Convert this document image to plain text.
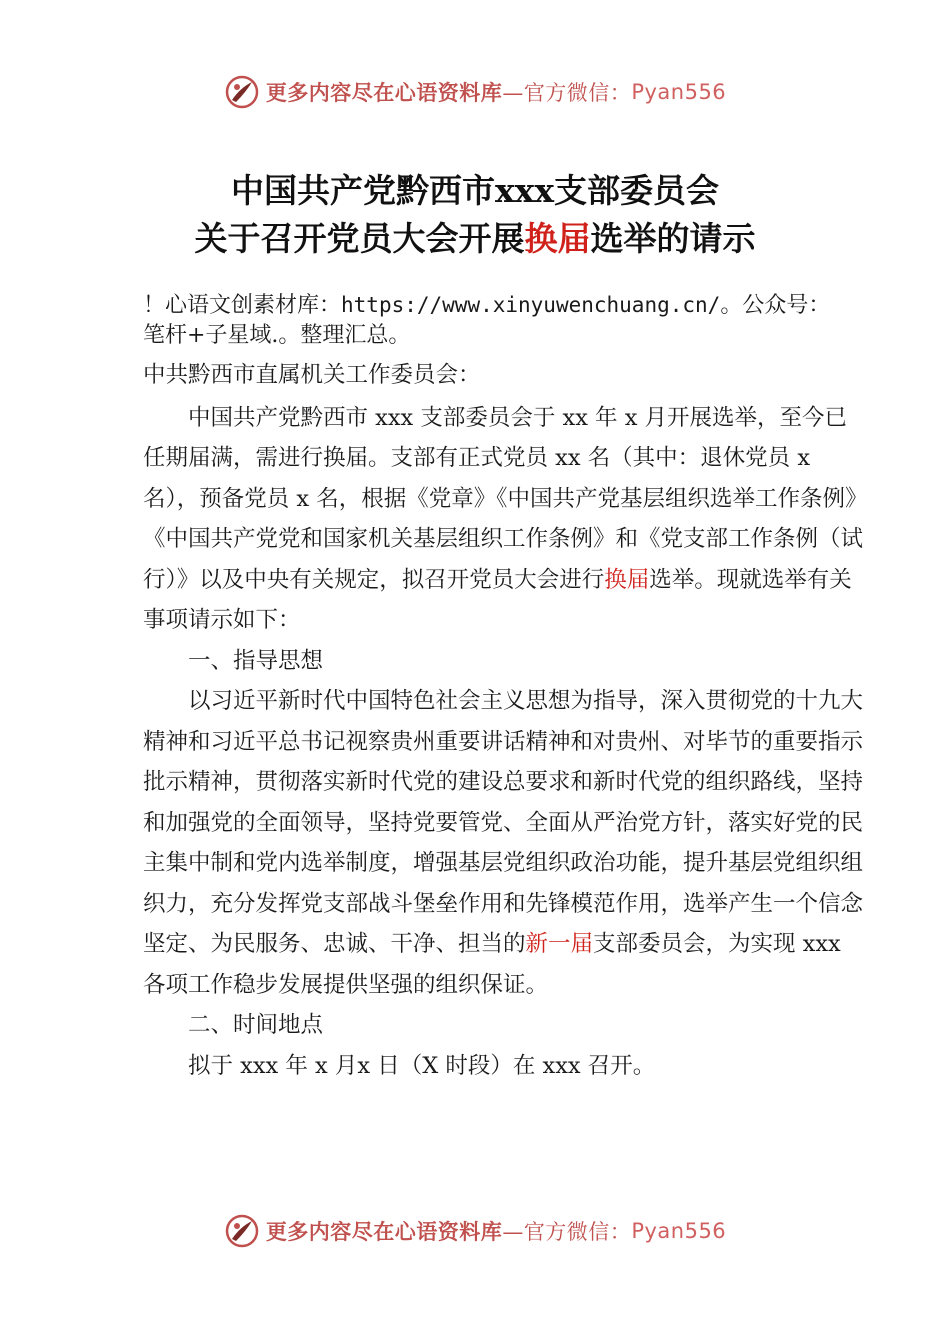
更多内容尽在心语资料库 —官方微信： Pyan556
中国共产党黔西市xxx支部委员会
关于召开党员大会开展换届选举的请示

！心语文创素材库：https://www.xinyuwenchuang.cn/。公众号：
笔杆+子星域.。整理汇总。

中共黔西市直属机关工作委员会：

中国共产党黔西市 xxx 支部委员会于 xx 年 x 月开展选举，至今已任期届满，需进行换届。支部有正式党员 xx 名（其中：退休党员 x 名），预备党员 x 名，根据《党章》《中国共产党基层组织选举工作条例》《中国共产党党和国家机关基层组织工作条例》和《党支部工作条例（试行）》以及中央有关规定，拟召开党员大会进行换届选举。现就选举有关事项请示如下：

一、指导思想

以习近平新时代中国特色社会主义思想为指导，深入贯彻党的十九大精神和习近平总书记视察贵州重要讲话精神和对贵州、对毕节的重要指示批示精神，贯彻落实新时代党的建设总要求和新时代党的组织路线，坚持和加强党的全面领导，坚持党要管党、全面从严治党方针，落实好党的民主集中制和党内选举制度，增强基层党组织政治功能，提升基层党组织组织力，充分发挥党支部战斗堡垒作用和先锋模范作用，选举产生一个信念坚定、为民服务、忠诚、干净、担当的新一届支部委员会，为实现 xxx 各项工作稳步发展提供坚强的组织保证。

二、时间地点

拟于 xxx 年 x 月x 日（X 时段）在 xxx 召开。

更多内容尽在心语资料库 —官方微信： Pyan556
